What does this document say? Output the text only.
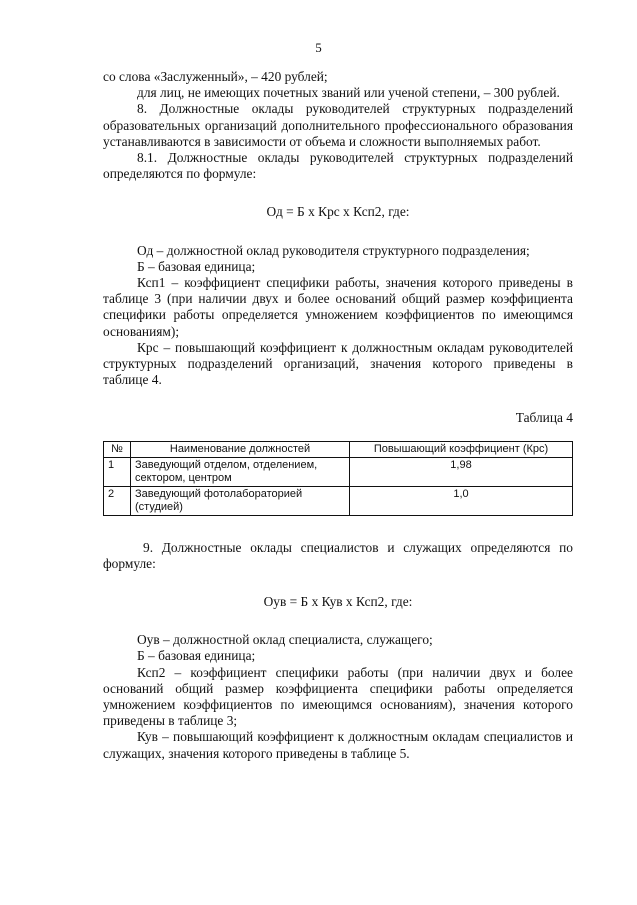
5

со слова «Заслуженный», – 420 рублей;

для лиц, не имеющих почетных званий или ученой степени, – 300 рублей.

8. Должностные оклады руководителей структурных подразделений образовательных организаций дополнительного профессионального образования устанавливаются в зависимости от объема и сложности выполняемых работ.

8.1. Должностные оклады руководителей структурных подразделений определяются по формуле:

Од = Б х Крс х Ксп2, где:

Од – должностной оклад руководителя структурного подразделения;

Б – базовая единица;

Ксп1 – коэффициент специфики работы, значения которого приведены в таблице 3 (при наличии двух и более оснований общий размер коэффициента специфики работы определяется умножением коэффициентов по имеющимся основаниям);

Крс – повышающий коэффициент к должностным окладам руководителей структурных подразделений организаций, значения которого приведены в таблице 4.

Таблица 4

№	Наименование должностей	Повышающий коэффициент (Крс)
1	Заведующий отделом, отделением, сектором, центром	1,98
2	Заведующий фотолабораторией (студией)	1,0

9. Должностные оклады специалистов и служащих определяются по формуле:

Оув = Б х Кув х Ксп2, где:

Оув – должностной оклад специалиста, служащего;

Б – базовая единица;

Ксп2 – коэффициент специфики работы (при наличии двух и более оснований общий размер коэффициента специфики работы определяется умножением коэффициентов по имеющимся основаниям), значения которого приведены в таблице 3;

Кув – повышающий коэффициент к должностным окладам специалистов и служащих, значения которого приведены в таблице 5.
